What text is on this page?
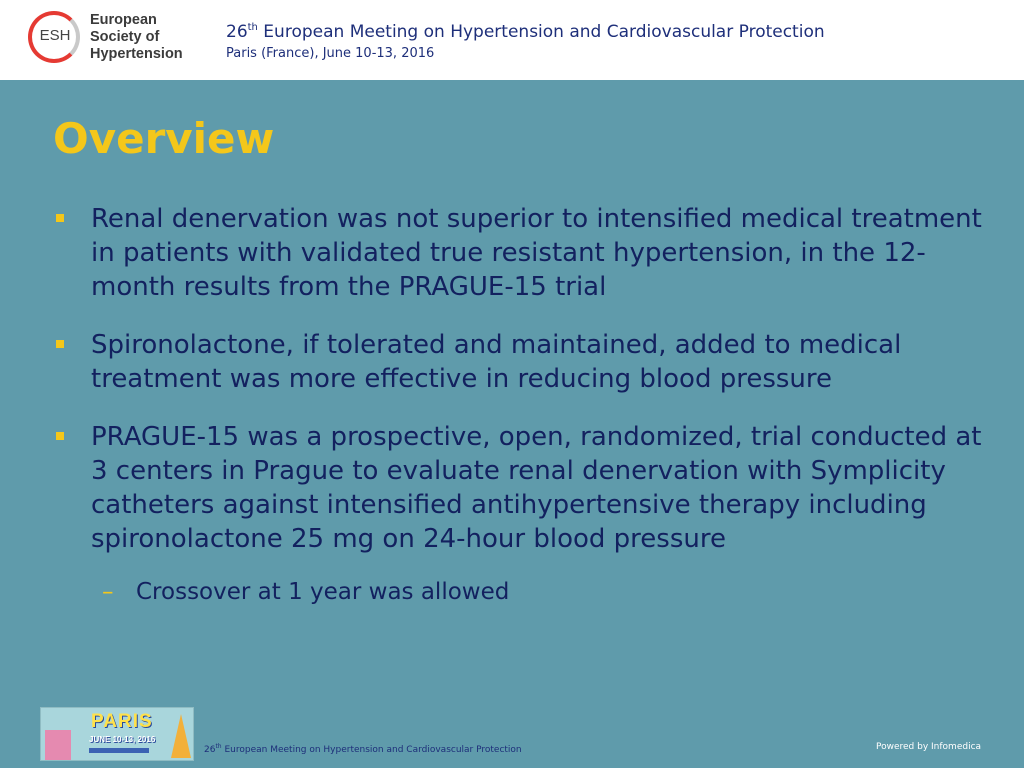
ESH
European
Society of
Hypertension
26th European Meeting on Hypertension and Cardiovascular Protection
Paris (France), June 10-13, 2016
Overview
Renal denervation was not superior to intensified medical treatment in patients with validated true resistant hypertension, in the 12-month results from the PRAGUE-15 trial
Spironolactone, if tolerated and maintained, added to medical treatment was more effective in reducing blood pressure
PRAGUE-15 was a prospective, open, randomized, trial conducted at 3 centers in Prague to evaluate renal denervation with Symplicity catheters against intensified antihypertensive therapy including spironolactone 25 mg on 24-hour blood pressure
– Crossover at 1 year was allowed
PARIS
JUNE 10-13, 2016
26th European Meeting on Hypertension and Cardiovascular Protection	Powered by Infomedica
